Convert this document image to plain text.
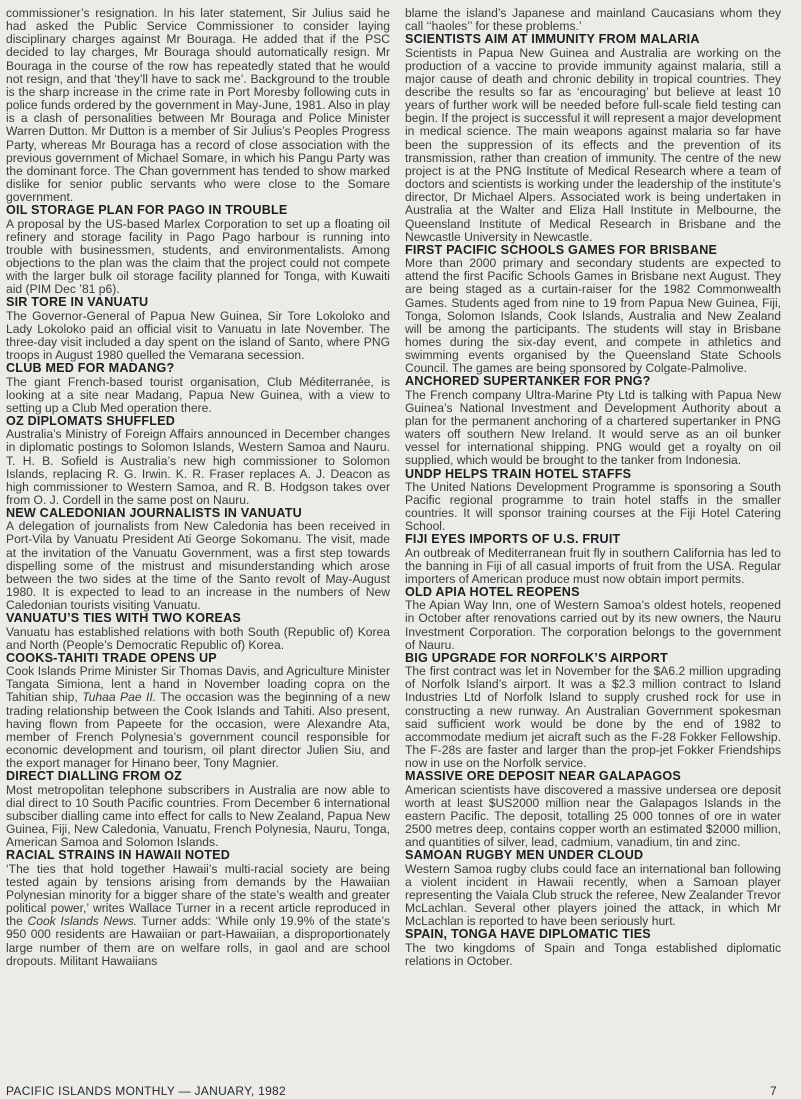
commissioner’s resignation. In his later statement, Sir Julius said he had asked the Public Service Commissioner to consider laying disciplinary charges against Mr Bouraga. He added that if the PSC decided to lay charges, Mr Bouraga should automatically resign. Mr Bouraga in the course of the row has repeatedly stated that he would not resign, and that ‘they’ll have to sack me’. Background to the trouble is the sharp increase in the crime rate in Port Moresby following cuts in police funds ordered by the government in May-June, 1981. Also in play is a clash of personalities between Mr Bouraga and Police Minister Warren Dutton. Mr Dutton is a member of Sir Julius’s Peoples Progress Party, whereas Mr Bouraga has a record of close association with the previous government of Michael Somare, in which his Pangu Party was the dominant force. The Chan government has tended to show marked dislike for senior public servants who were close to the Somare government.

OIL STORAGE PLAN FOR PAGO IN TROUBLE

A proposal by the US-based Marlex Corporation to set up a floating oil refinery and storage facility in Pago Pago harbour is running into trouble with businessmen, students, and environmentalists. Among objections to the plan was the claim that the project could not compete with the larger bulk oil storage facility planned for Tonga, with Kuwaiti aid (PIM Dec ’81 p6).

SIR TORE IN VANUATU

The Governor-General of Papua New Guinea, Sir Tore Lokoloko and Lady Lokoloko paid an official visit to Vanuatu in late November. The three-day visit included a day spent on the island of Santo, where PNG troops in August 1980 quelled the Vemarana secession.

CLUB MED FOR MADANG?

The giant French-based tourist organisation, Club Méditerranée, is looking at a site near Madang, Papua New Guinea, with a view to setting up a Club Med operation there.

OZ DIPLOMATS SHUFFLED

Australia’s Ministry of Foreign Affairs announced in December changes in diplomatic postings to Solomon Islands, Western Samoa and Nauru. T. H. B. Sofield is Australia’s new high commissioner to Solomon Islands, replacing R. G. Irwin. K. R. Fraser replaces A. J. Deacon as high commissioner to Western Samoa, and R. B. Hodgson takes over from O. J. Cordell in the same post on Nauru.

NEW CALEDONIAN JOURNALISTS IN VANUATU

A delegation of journalists from New Caledonia has been received in Port-Vila by Vanuatu President Ati George Sokomanu. The visit, made at the invitation of the Vanuatu Government, was a first step towards dispelling some of the mistrust and misunderstanding which arose between the two sides at the time of the Santo revolt of May-August 1980. It is expected to lead to an increase in the numbers of New Caledonian tourists visiting Vanuatu.

VANUATU’S TIES WITH TWO KOREAS

Vanuatu has established relations with both South (Republic of) Korea and North (People’s Democratic Republic of) Korea.

COOKS-TAHITI TRADE OPENS UP

Cook Islands Prime Minister Sir Thomas Davis, and Agriculture Minister Tangata Simiona, lent a hand in November loading copra on the Tahitian ship, Tuhaa Pae II. The occasion was the beginning of a new trading relationship between the Cook Islands and Tahiti. Also present, having flown from Papeete for the occasion, were Alexandre Ata, member of French Polynesia’s government council responsible for economic development and tourism, oil plant director Julien Siu, and the export manager for Hinano beer, Tony Magnier.

DIRECT DIALLING FROM OZ

Most metropolitan telephone subscribers in Australia are now able to dial direct to 10 South Pacific countries. From December 6 international subsciber dialling came into effect for calls to New Zealand, Papua New Guinea, Fiji, New Caledonia, Vanuatu, French Polynesia, Nauru, Tonga, American Samoa and Solomon Islands.

RACIAL STRAINS IN HAWAII NOTED

‘The ties that hold together Hawaii’s multi-racial society are being tested again by tensions arising from demands by the Hawaiian Polynesian minority for a bigger share of the state’s wealth and greater political power,’ writes Wallace Turner in a recent article reproduced in the Cook Islands News. Turner adds: ‘While only 19.9% of the state’s 950 000 residents are Hawaiian or part-Hawaiian, a disproportionately large number of them are on welfare rolls, in gaol and are school dropouts. Militant Hawaiians

blame the island’s Japanese and mainland Caucasians whom they call ‘‘haoles’’ for these problems.’

SCIENTISTS AIM AT IMMUNITY FROM MALARIA

Scientists in Papua New Guinea and Australia are working on the production of a vaccine to provide immunity against malaria, still a major cause of death and chronic debility in tropical countries. They describe the results so far as ‘encouraging’ but believe at least 10 years of further work will be needed before full-scale field testing can begin. If the project is successful it will represent a major development in medical science. The main weapons against malaria so far have been the suppression of its effects and the prevention of its transmission, rather than creation of immunity. The centre of the new project is at the PNG Institute of Medical Research where a team of doctors and scientists is working under the leadership of the institute’s director, Dr Michael Alpers. Associated work is being undertaken in Australia at the Walter and Eliza Hall Institute in Melbourne, the Queensland Institute of Medical Research in Brisbane and the Newcastle University in Newcastle.

FIRST PACIFIC SCHOOLS GAMES FOR BRISBANE

More than 2000 primary and secondary students are expected to attend the first Pacific Schools Games in Brisbane next August. They are being staged as a curtain-raiser for the 1982 Commonwealth Games. Students aged from nine to 19 from Papua New Guinea, Fiji, Tonga, Solomon Islands, Cook Islands, Australia and New Zealand will be among the participants. The students will stay in Brisbane homes during the six-day event, and compete in athletics and swimming events organised by the Queensland State Schools Council. The games are being sponsored by Colgate-Palmolive.

ANCHORED SUPERTANKER FOR PNG?

The French company Ultra-Marine Pty Ltd is talking with Papua New Guinea’s National Investment and Development Authority about a plan for the permanent anchoring of a chartered supertanker in PNG waters off southern New Ireland. It would serve as an oil bunker vessel for international shipping. PNG would get a royalty on oil supplied, which would be brought to the tanker from Indonesia.

UNDP HELPS TRAIN HOTEL STAFFS

The United Nations Development Programme is sponsoring a South Pacific regional programme to train hotel staffs in the smaller countries. It will sponsor training courses at the Fiji Hotel Catering School.

FIJI EYES IMPORTS OF U.S. FRUIT

An outbreak of Mediterranean fruit fly in southern California has led to the banning in Fiji of all casual imports of fruit from the USA. Regular importers of American produce must now obtain import permits.

OLD APIA HOTEL REOPENS

The Apian Way Inn, one of Western Samoa’s oldest hotels, reopened in October after renovations carried out by its new owners, the Nauru Investment Corporation. The corporation belongs to the government of Nauru.

BIG UPGRADE FOR NORFOLK’S AIRPORT

The first contract was let in November for the $A6.2 million upgrading of Norfolk Island’s airport. It was a $2.3 million contract to Island Industries Ltd of Norfolk Island to supply crushed rock for use in constructing a new runway. An Australian Government spokesman said sufficient work would be done by the end of 1982 to accommodate medium jet aicraft such as the F-28 Fokker Fellowship. The F-28s are faster and larger than the prop-jet Fokker Friendships now in use on the Norfolk service.

MASSIVE ORE DEPOSIT NEAR GALAPAGOS

American scientists have discovered a massive undersea ore deposit worth at least $US2000 million near the Galapagos Islands in the eastern Pacific. The deposit, totalling 25 000 tonnes of ore in water 2500 metres deep, contains copper worth an estimated $2000 million, and quantities of silver, lead, cadmium, vanadium, tin and zinc.

SAMOAN RUGBY MEN UNDER CLOUD

Western Samoa rugby clubs could face an international ban following a violent incident in Hawaii recently, when a Samoan player representing the Vaiala Club struck the referee, New Zealander Trevor McLachlan. Several other players joined the attack, in which Mr McLachlan is reported to have been seriously hurt.

SPAIN, TONGA HAVE DIPLOMATIC TIES

The two kingdoms of Spain and Tonga established diplomatic relations in October.

PACIFIC ISLANDS MONTHLY — JANUARY, 1982	7
